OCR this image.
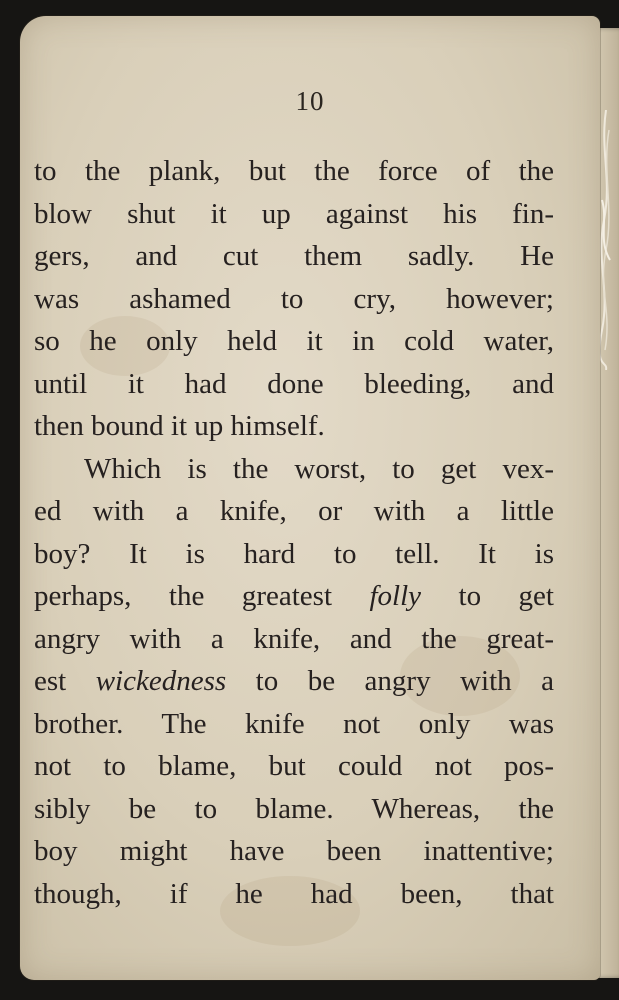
10
to the plank, but the force of the
blow shut it up against his fin-
gers, and cut them sadly. He
was ashamed to cry, however;
so he only held it in cold water,
until it had done bleeding, and
then bound it up himself.
Which is the worst, to get vex-
ed with a knife, or with a little
boy? It is hard to tell. It is
perhaps, the greatest folly to get
angry with a knife, and the great-
est wickedness to be angry with a
brother. The knife not only was
not to blame, but could not pos-
sibly be to blame. Whereas, the
boy might have been inattentive;
though, if he had been, that
